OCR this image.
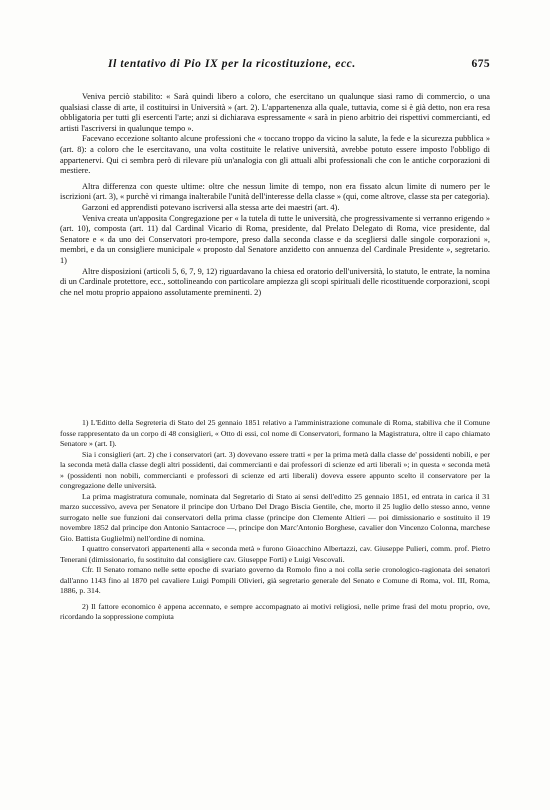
Il tentativo di Pio IX per la ricostituzione, ecc.	675

Veniva perciò stabilito: « Sarà quindi libero a coloro, che esercitano un qualunque siasi ramo di commercio, o una qualsiasi classe di arte, il costituirsi in Università » (art. 2). L'appartenenza alla quale, tuttavia, come si è già detto, non era resa obbligatoria per tutti gli esercenti l'arte; anzi si dichiarava espressamente « sarà in pieno arbitrio dei rispettivi commercianti, ed artisti l'ascriversi in qualunque tempo ».

Facevano eccezione soltanto alcune professioni che « toccano troppo da vicino la salute, la fede e la sicurezza pubblica » (art. 8): a coloro che le esercitavano, una volta costituite le relative università, avrebbe potuto essere imposto l'obbligo di appartenervi. Qui ci sembra però di rilevare più un'analogia con gli attuali albi professionali che con le antiche corporazioni di mestiere.

Altra differenza con queste ultime: oltre che nessun limite di tempo, non era fissato alcun limite di numero per le iscrizioni (art. 3), « purchè vi rimanga inalterabile l'unità dell'interesse della classe » (qui, come altrove, classe sta per categoria).

Garzoni ed apprendisti potevano iscriversi alla stessa arte dei maestri (art. 4).

Veniva creata un'apposita Congregazione per « la tutela di tutte le università, che progressivamente si verranno erigendo » (art. 10), composta (art. 11) dal Cardinal Vicario di Roma, presidente, dal Prelato Delegato di Roma, vice presidente, dal Senatore e « da uno dei Conservatori pro-tempore, preso dalla seconda classe e da scegliersi dalle singole corporazioni », membri, e da un consigliere municipale « proposto dal Senatore anzidetto con annuenza del Cardinale Presidente », segretario. 1)

Altre disposizioni (articoli 5, 6, 7, 9, 12) riguardavano la chiesa ed oratorio dell'università, lo statuto, le entrate, la nomina di un Cardinale protettore, ecc., sottolineando con particolare ampiezza gli scopi spirituali delle ricostituende corporazioni, scopi che nel motu proprio appaiono assolutamente preminenti. 2)

1) L'Editto della Segreteria di Stato del 25 gennaio 1851 relativo a l'amministrazione comunale di Roma, stabiliva che il Comune fosse rappresentato da un corpo di 48 consiglieri, « Otto di essi, col nome di Conservatori, formano la Magistratura, oltre il capo chiamato Senatore » (art. I).

Sia i consiglieri (art. 2) che i conservatori (art. 3) dovevano essere tratti « per la prima metà dalla classe de' possidenti nobili, e per la seconda metà dalla classe degli altri possidenti, dai commercianti e dai professori di scienze ed arti liberali »; in questa « seconda metà » (possidenti non nobili, commercianti e professori di scienze ed arti liberali) doveva essere appunto scelto il conservatore per la congregazione delle università.

La prima magistratura comunale, nominata dal Segretario di Stato ai sensi dell'editto 25 gennaio 1851, ed entrata in carica il 31 marzo successivo, aveva per Senatore il principe don Urbano Del Drago Biscia Gentile, che, morto il 25 luglio dello stesso anno, venne surrogato nelle sue funzioni dai conservatori della prima classe (principe don Clemente Altieri — poi dimissionario e sostituito il 19 novembre 1852 dal principe don Antonio Santacroce —, principe don Marc'Antonio Borghese, cavalier don Vincenzo Colonna, marchese Gio. Battista Guglielmi) nell'ordine di nomina.

I quattro conservatori appartenenti alla « seconda metà » furono Gioacchino Albertazzi, cav. Giuseppe Pulieri, comm. prof. Pietro Tenerani (dimissionario, fu sostituito dal consigliere cav. Giuseppe Forti) e Luigi Vescovali.

Cfr. Il Senato romano nelle sette epoche di svariato governo da Romolo fino a noi colla serie cronologico-ragionata dei senatori dall'anno 1143 fino al 1870 pel cavaliere Luigi Pompili Olivieri, già segretario generale del Senato e Comune di Roma, vol. III, Roma, 1886, p. 314.

2) Il fattore economico è appena accennato, e sempre accompagnato ai motivi religiosi, nelle prime frasi del motu proprio, ove, ricordando la soppressione compiuta
